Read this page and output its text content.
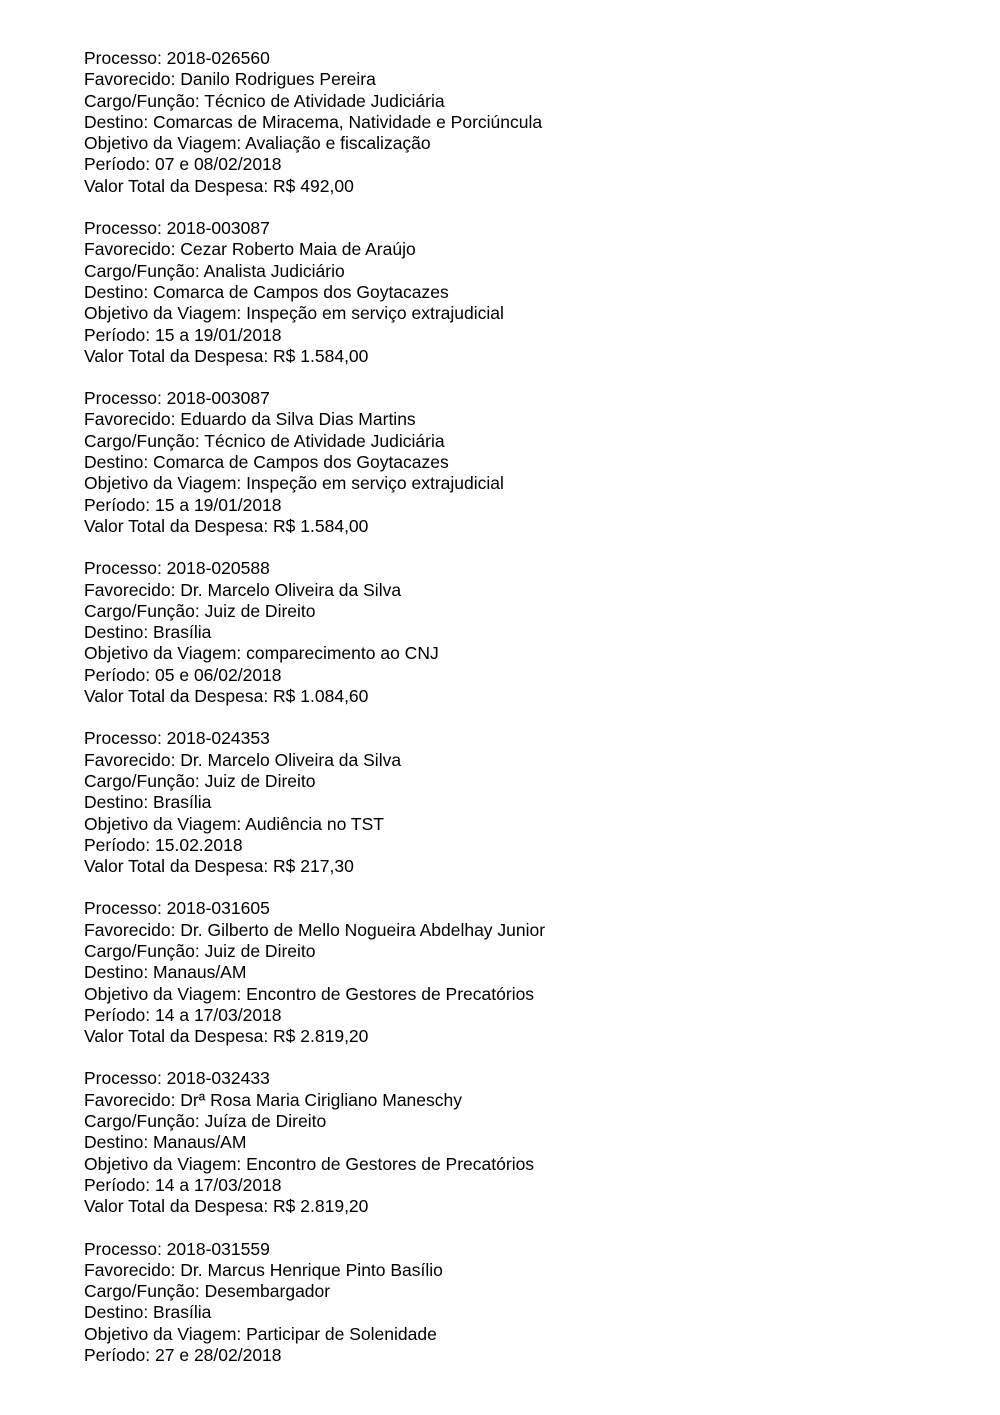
Processo: 2018-026560
Favorecido: Danilo Rodrigues Pereira
Cargo/Função: Técnico de Atividade Judiciária
Destino: Comarcas de Miracema, Natividade e Porciúncula
Objetivo da Viagem: Avaliação e fiscalização
Período: 07 e 08/02/2018
Valor Total da Despesa: R$ 492,00
Processo: 2018-003087
Favorecido: Cezar Roberto Maia de Araújo
Cargo/Função: Analista Judiciário
Destino: Comarca de Campos dos Goytacazes
Objetivo da Viagem: Inspeção em serviço extrajudicial
Período: 15 a 19/01/2018
Valor Total da Despesa: R$ 1.584,00
Processo: 2018-003087
Favorecido: Eduardo da Silva Dias Martins
Cargo/Função: Técnico de Atividade Judiciária
Destino: Comarca de Campos dos Goytacazes
Objetivo da Viagem: Inspeção em serviço extrajudicial
Período: 15 a 19/01/2018
Valor Total da Despesa: R$ 1.584,00
Processo: 2018-020588
Favorecido: Dr. Marcelo Oliveira da Silva
Cargo/Função: Juiz de Direito
Destino: Brasília
Objetivo da Viagem: comparecimento ao CNJ
Período: 05 e 06/02/2018
Valor Total da Despesa: R$ 1.084,60
Processo: 2018-024353
Favorecido: Dr. Marcelo Oliveira da Silva
Cargo/Função: Juiz de Direito
Destino: Brasília
Objetivo da Viagem: Audiência no TST
Período: 15.02.2018
Valor Total da Despesa: R$ 217,30
Processo: 2018-031605
Favorecido: Dr. Gilberto de Mello Nogueira Abdelhay Junior
Cargo/Função: Juiz de Direito
Destino: Manaus/AM
Objetivo da Viagem: Encontro de Gestores de Precatórios
Período: 14 a 17/03/2018
Valor Total da Despesa: R$ 2.819,20
Processo: 2018-032433
Favorecido: Drª Rosa Maria Cirigliano Maneschy
Cargo/Função: Juíza de Direito
Destino: Manaus/AM
Objetivo da Viagem: Encontro de Gestores de Precatórios
Período: 14 a 17/03/2018
Valor Total da Despesa: R$ 2.819,20
Processo: 2018-031559
Favorecido: Dr. Marcus Henrique Pinto Basílio
Cargo/Função: Desembargador
Destino: Brasília
Objetivo da Viagem: Participar de Solenidade
Período: 27 e 28/02/2018
